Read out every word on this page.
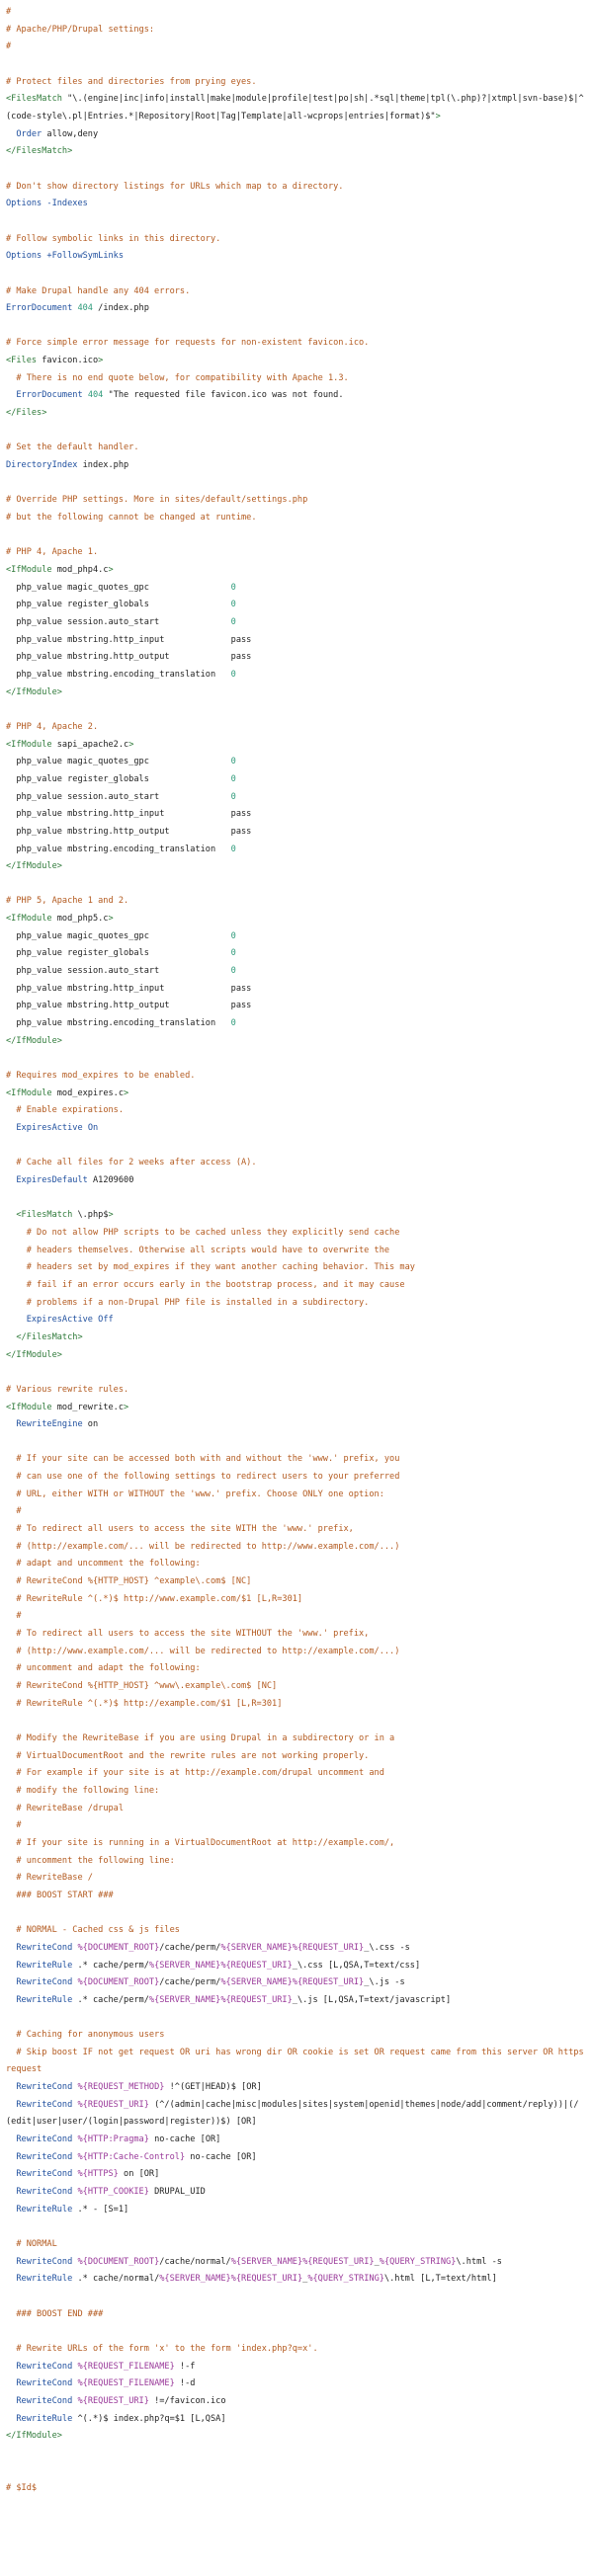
#
# Apache/PHP/Drupal settings:
#
# Protect files and directories from prying eyes.
<FilesMatch "\.(engine|inc|info|install|make|module|profile|test|po|sh|.*sql|theme|tpl(\.php)?|xtmpl|svn-base)$|^(code-style\.pl|Entries.*|Repository|Root|Tag|Template|all-wcprops|entries|format)$">
Order allow,deny
</FilesMatch>
# Don't show directory listings for URLs which map to a directory.
Options -Indexes
# Follow symbolic links in this directory.
Options +FollowSymLinks
# Make Drupal handle any 404 errors.
ErrorDocument 404 /index.php
# Force simple error message for requests for non-existent favicon.ico.
<Files favicon.ico>
# There is no end quote below, for compatibility with Apache 1.3.
ErrorDocument 404 "The requested file favicon.ico was not found.
</Files>
# Set the default handler.
DirectoryIndex index.php
# Override PHP settings. More in sites/default/settings.php
# but the following cannot be changed at runtime.
# PHP 4, Apache 1.
<IfModule mod_php4.c>
php_value magic_quotes_gpc                0
php_value register_globals                0
php_value session.auto_start              0
php_value mbstring.http_input             pass
php_value mbstring.http_output            pass
php_value mbstring.encoding_translation   0
</IfModule>
# PHP 4, Apache 2.
<IfModule sapi_apache2.c>
php_value magic_quotes_gpc                0
php_value register_globals                0
php_value session.auto_start              0
php_value mbstring.http_input             pass
php_value mbstring.http_output            pass
php_value mbstring.encoding_translation   0
</IfModule>
# PHP 5, Apache 1 and 2.
<IfModule mod_php5.c>
php_value magic_quotes_gpc                0
php_value register_globals                0
php_value session.auto_start              0
php_value mbstring.http_input             pass
php_value mbstring.http_output            pass
php_value mbstring.encoding_translation   0
</IfModule>
# Requires mod_expires to be enabled.
<IfModule mod_expires.c>
# Enable expirations.
ExpiresActive On
# Cache all files for 2 weeks after access (A).
ExpiresDefault A1209600
<FilesMatch \.php$>
# Do not allow PHP scripts to be cached unless they explicitly send cache
# headers themselves. Otherwise all scripts would have to overwrite the
# headers set by mod_expires if they want another caching behavior. This may
# fail if an error occurs early in the bootstrap process, and it may cause
# problems if a non-Drupal PHP file is installed in a subdirectory.
ExpiresActive Off
</FilesMatch>
</IfModule>
# Various rewrite rules.
<IfModule mod_rewrite.c>
RewriteEngine on
# If your site can be accessed both with and without the 'www.' prefix, you
# can use one of the following settings to redirect users to your preferred
# URL, either WITH or WITHOUT the 'www.' prefix. Choose ONLY one option:
#
# To redirect all users to access the site WITH the 'www.' prefix,
# (http://example.com/... will be redirected to http://www.example.com/...)
# adapt and uncomment the following:
# RewriteCond %{HTTP_HOST} ^example\.com$ [NC]
# RewriteRule ^(.*)$ http://www.example.com/$1 [L,R=301]
#
# To redirect all users to access the site WITHOUT the 'www.' prefix,
# (http://www.example.com/... will be redirected to http://example.com/...)
# uncomment and adapt the following:
# RewriteCond %{HTTP_HOST} ^www\.example\.com$ [NC]
# RewriteRule ^(.*)$ http://example.com/$1 [L,R=301]
# Modify the RewriteBase if you are using Drupal in a subdirectory or in a
# VirtualDocumentRoot and the rewrite rules are not working properly.
# For example if your site is at http://example.com/drupal uncomment and
# modify the following line:
# RewriteBase /drupal
#
# If your site is running in a VirtualDocumentRoot at http://example.com/,
# uncomment the following line:
# RewriteBase /
### BOOST START ###
# NORMAL - Cached css & js files
RewriteCond %{DOCUMENT_ROOT}/cache/perm/%{SERVER_NAME}%{REQUEST_URI}_\.css -s
RewriteRule .* cache/perm/%{SERVER_NAME}%{REQUEST_URI}_\.css [L,QSA,T=text/css]
RewriteCond %{DOCUMENT_ROOT}/cache/perm/%{SERVER_NAME}%{REQUEST_URI}_\.js -s
RewriteRule .* cache/perm/%{SERVER_NAME}%{REQUEST_URI}_\.js [L,QSA,T=text/javascript]
# Caching for anonymous users
# Skip boost IF not get request OR uri has wrong dir OR cookie is set OR request came from this server OR https request
RewriteCond %{REQUEST_METHOD} !^(GET|HEAD)$ [OR]
RewriteCond %{REQUEST_URI} (^/(admin|cache|misc|modules|sites|system|openid|themes|node/add|comment/reply))|(/(edit|user|user/(login|password|register))$) [OR]
RewriteCond %{HTTP:Pragma} no-cache [OR]
RewriteCond %{HTTP:Cache-Control} no-cache [OR]
RewriteCond %{HTTPS} on [OR]
RewriteCond %{HTTP_COOKIE} DRUPAL_UID
RewriteRule .* - [S=1]
# NORMAL
RewriteCond %{DOCUMENT_ROOT}/cache/normal/%{SERVER_NAME}%{REQUEST_URI}_%{QUERY_STRING}\.html -s
RewriteRule .* cache/normal/%{SERVER_NAME}%{REQUEST_URI}_%{QUERY_STRING}\.html [L,T=text/html]
### BOOST END ###
# Rewrite URLs of the form 'x' to the form 'index.php?q=x'.
RewriteCond %{REQUEST_FILENAME} !-f
RewriteCond %{REQUEST_FILENAME} !-d
RewriteCond %{REQUEST_URI} !=/favicon.ico
RewriteRule ^(.*)$ index.php?q=$1 [L,QSA]
</IfModule>
# $Id$
